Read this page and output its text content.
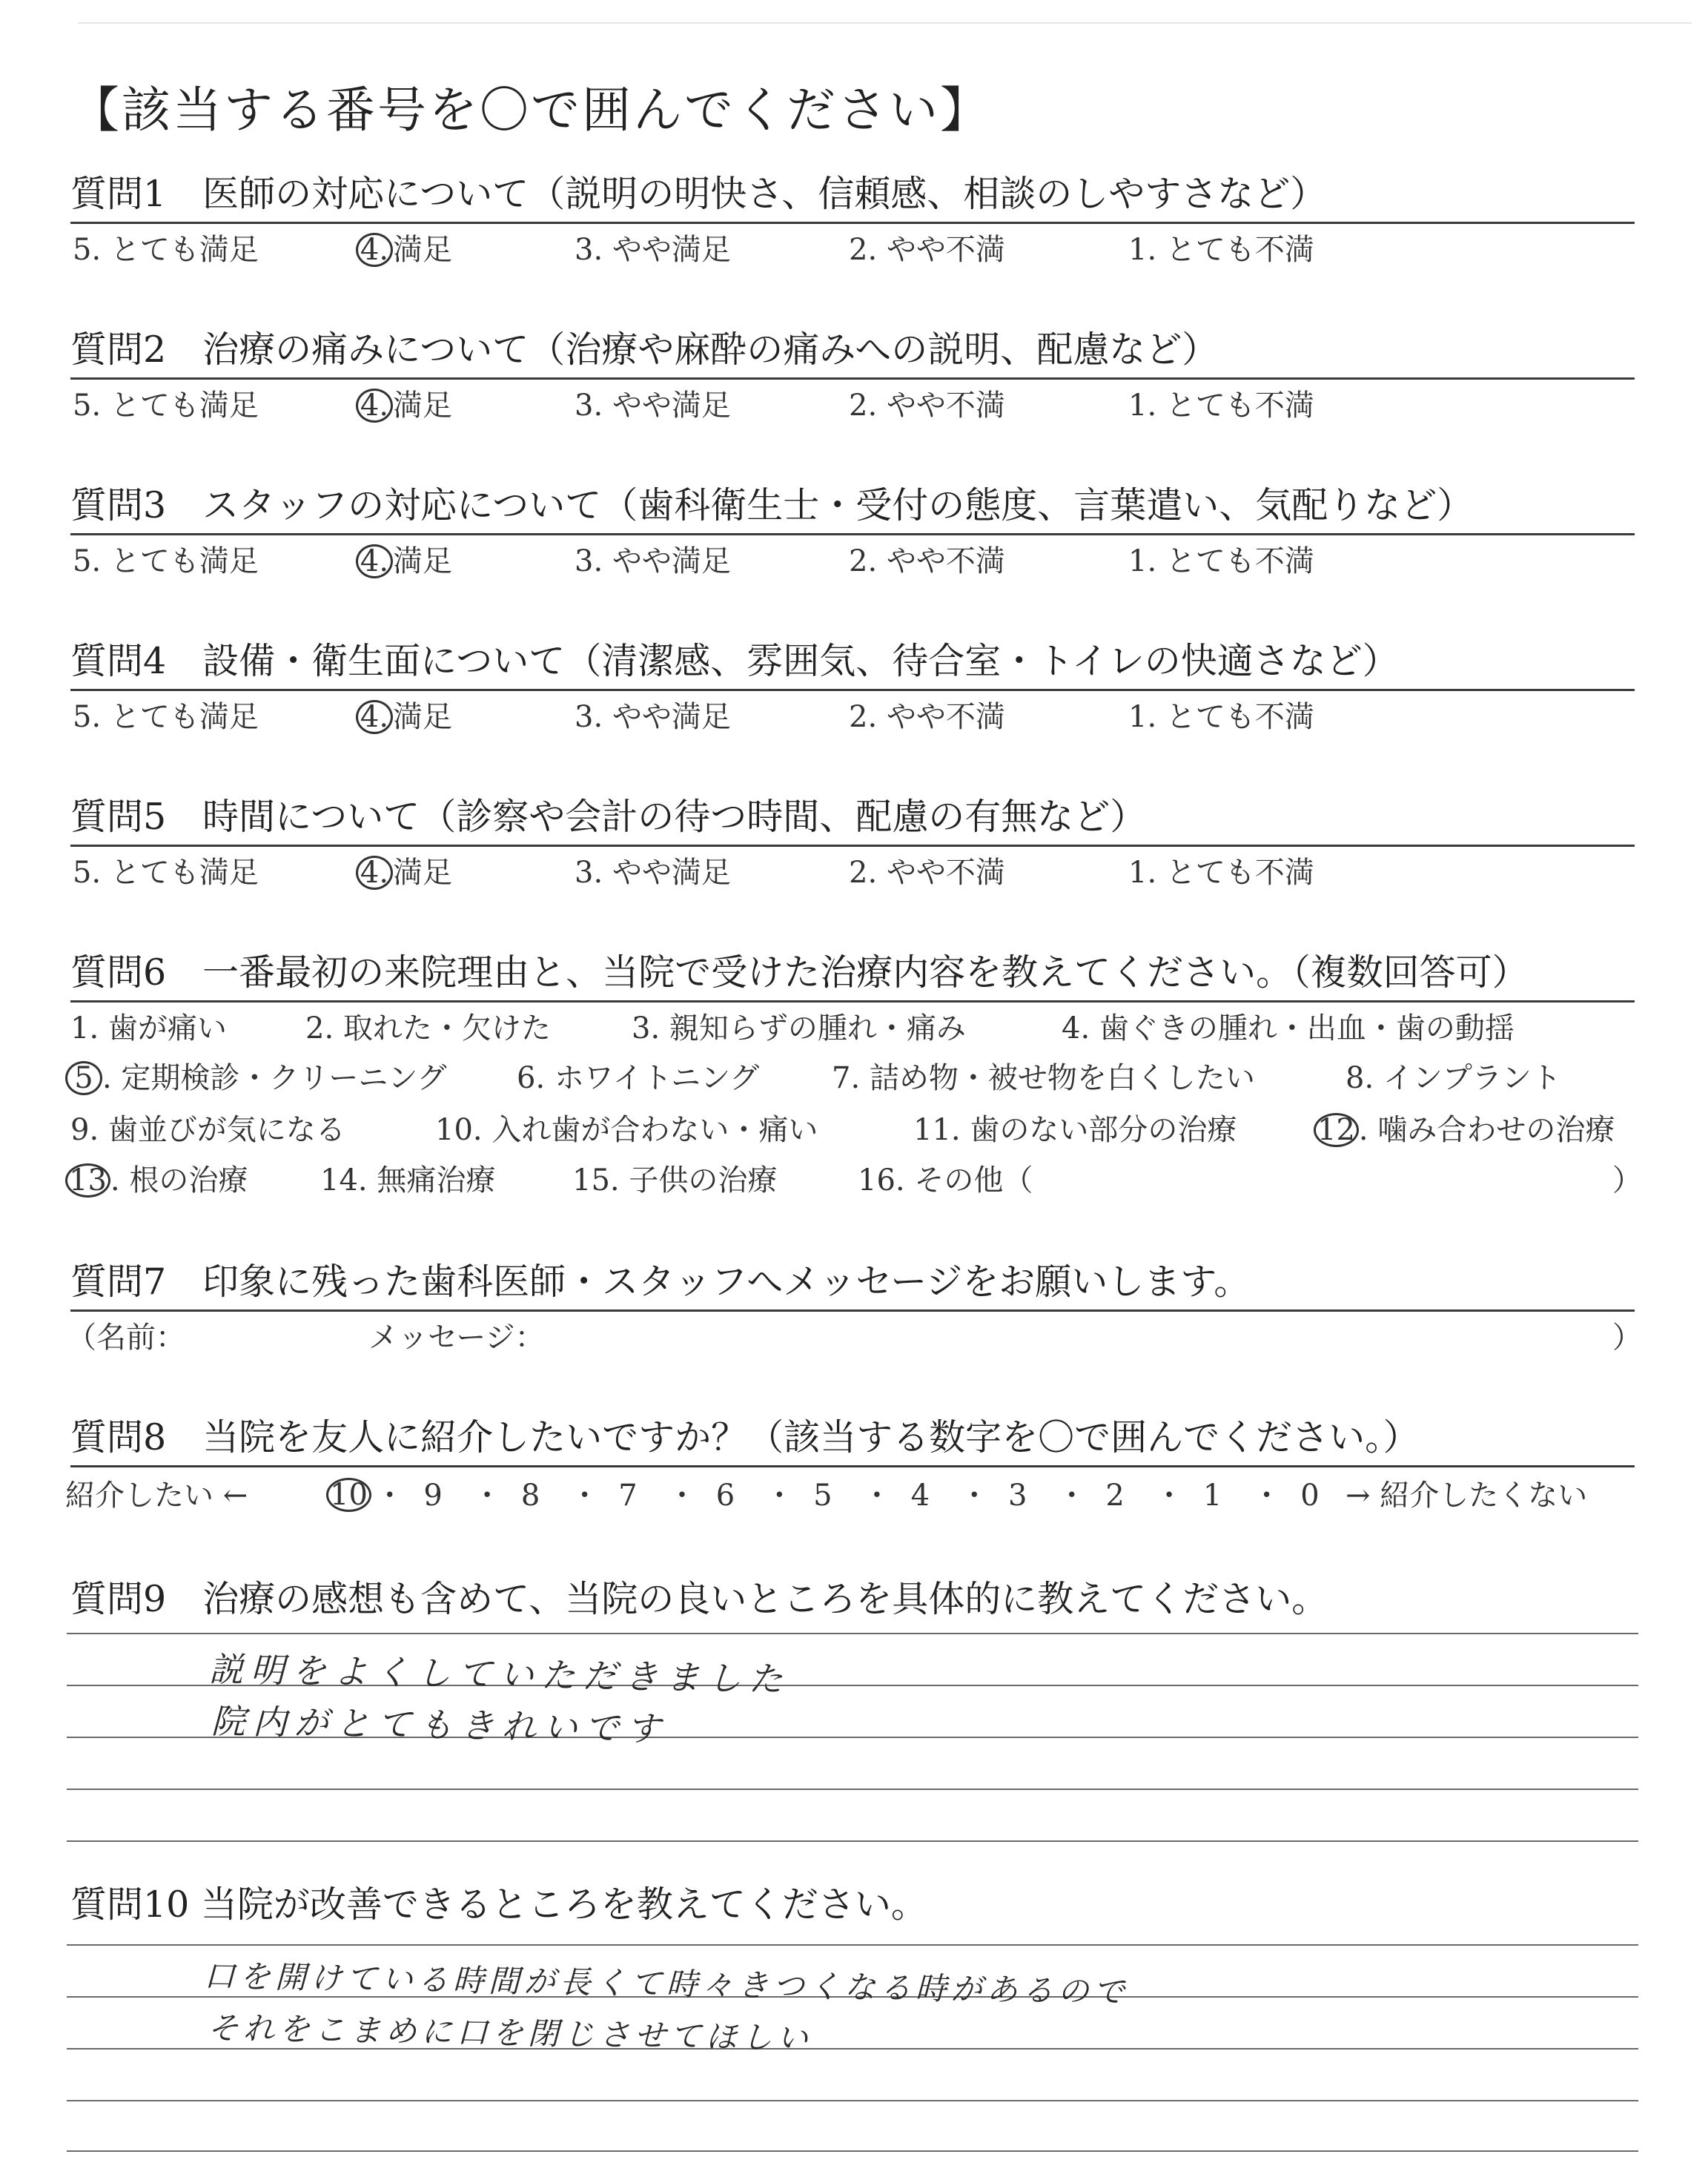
【該当する番号を〇で囲んでください】
質問1　医師の対応について（説明の明快さ、信頼感、相談のしやすさなど）
5. とても満足	4. 満足	3. やや満足	2. やや不満	1. とても不満
質問2　治療の痛みについて（治療や麻酔の痛みへの説明、配慮など）
5. とても満足	4. 満足	3. やや満足	2. やや不満	1. とても不満
質問3　スタッフの対応について（歯科衛生士・受付の態度、言葉遣い、気配りなど）
5. とても満足	4. 満足	3. やや満足	2. やや不満	1. とても不満
質問4　設備・衛生面について（清潔感、雰囲気、待合室・トイレの快適さなど）
5. とても満足	4. 満足	3. やや満足	2. やや不満	1. とても不満
質問5　時間について（診察や会計の待つ時間、配慮の有無など）
5. とても満足	4. 満足	3. やや満足	2. やや不満	1. とても不満
質問6　一番最初の来院理由と、当院で受けた治療内容を教えてください。（複数回答可）
1. 歯が痛い	2. 取れた・欠けた	3. 親知らずの腫れ・痛み	4. 歯ぐきの腫れ・出血・歯の動揺
5 . 定期検診・クリーニング 6. ホワイトニング 7. 詰め物・被せ物を白くしたい	8. インプラント
9. 歯並びが気になる	10. 入れ歯が合わない・痛い	11. 歯のない部分の治療	12 . 噛み合わせの治療
13 . 根の治療 14. 無痛治療	15. 子供の治療	16. その他（	）
質問7　印象に残った歯科医師・スタッフへメッセージをお願いします。
（名前：	メッセージ：	）
質問8　当院を友人に紹介したいですか？（該当する数字を〇で囲んでください。）
紹介したい ←	10 ・ 9 ・ 8 ・ 7 ・ 6 ・ 5 ・ 4 ・ 3 ・ 2 ・ 1 ・ 0 → 紹介したくない
質問9　治療の感想も含めて、当院の良いところを具体的に教えてください。
説明をよくしていただきました
院内がとてもきれいです
質問10 当院が改善できるところを教えてください。
口を開けている時間が長くて時々きつくなる時があるので
それをこまめに口を閉じさせてほしい
